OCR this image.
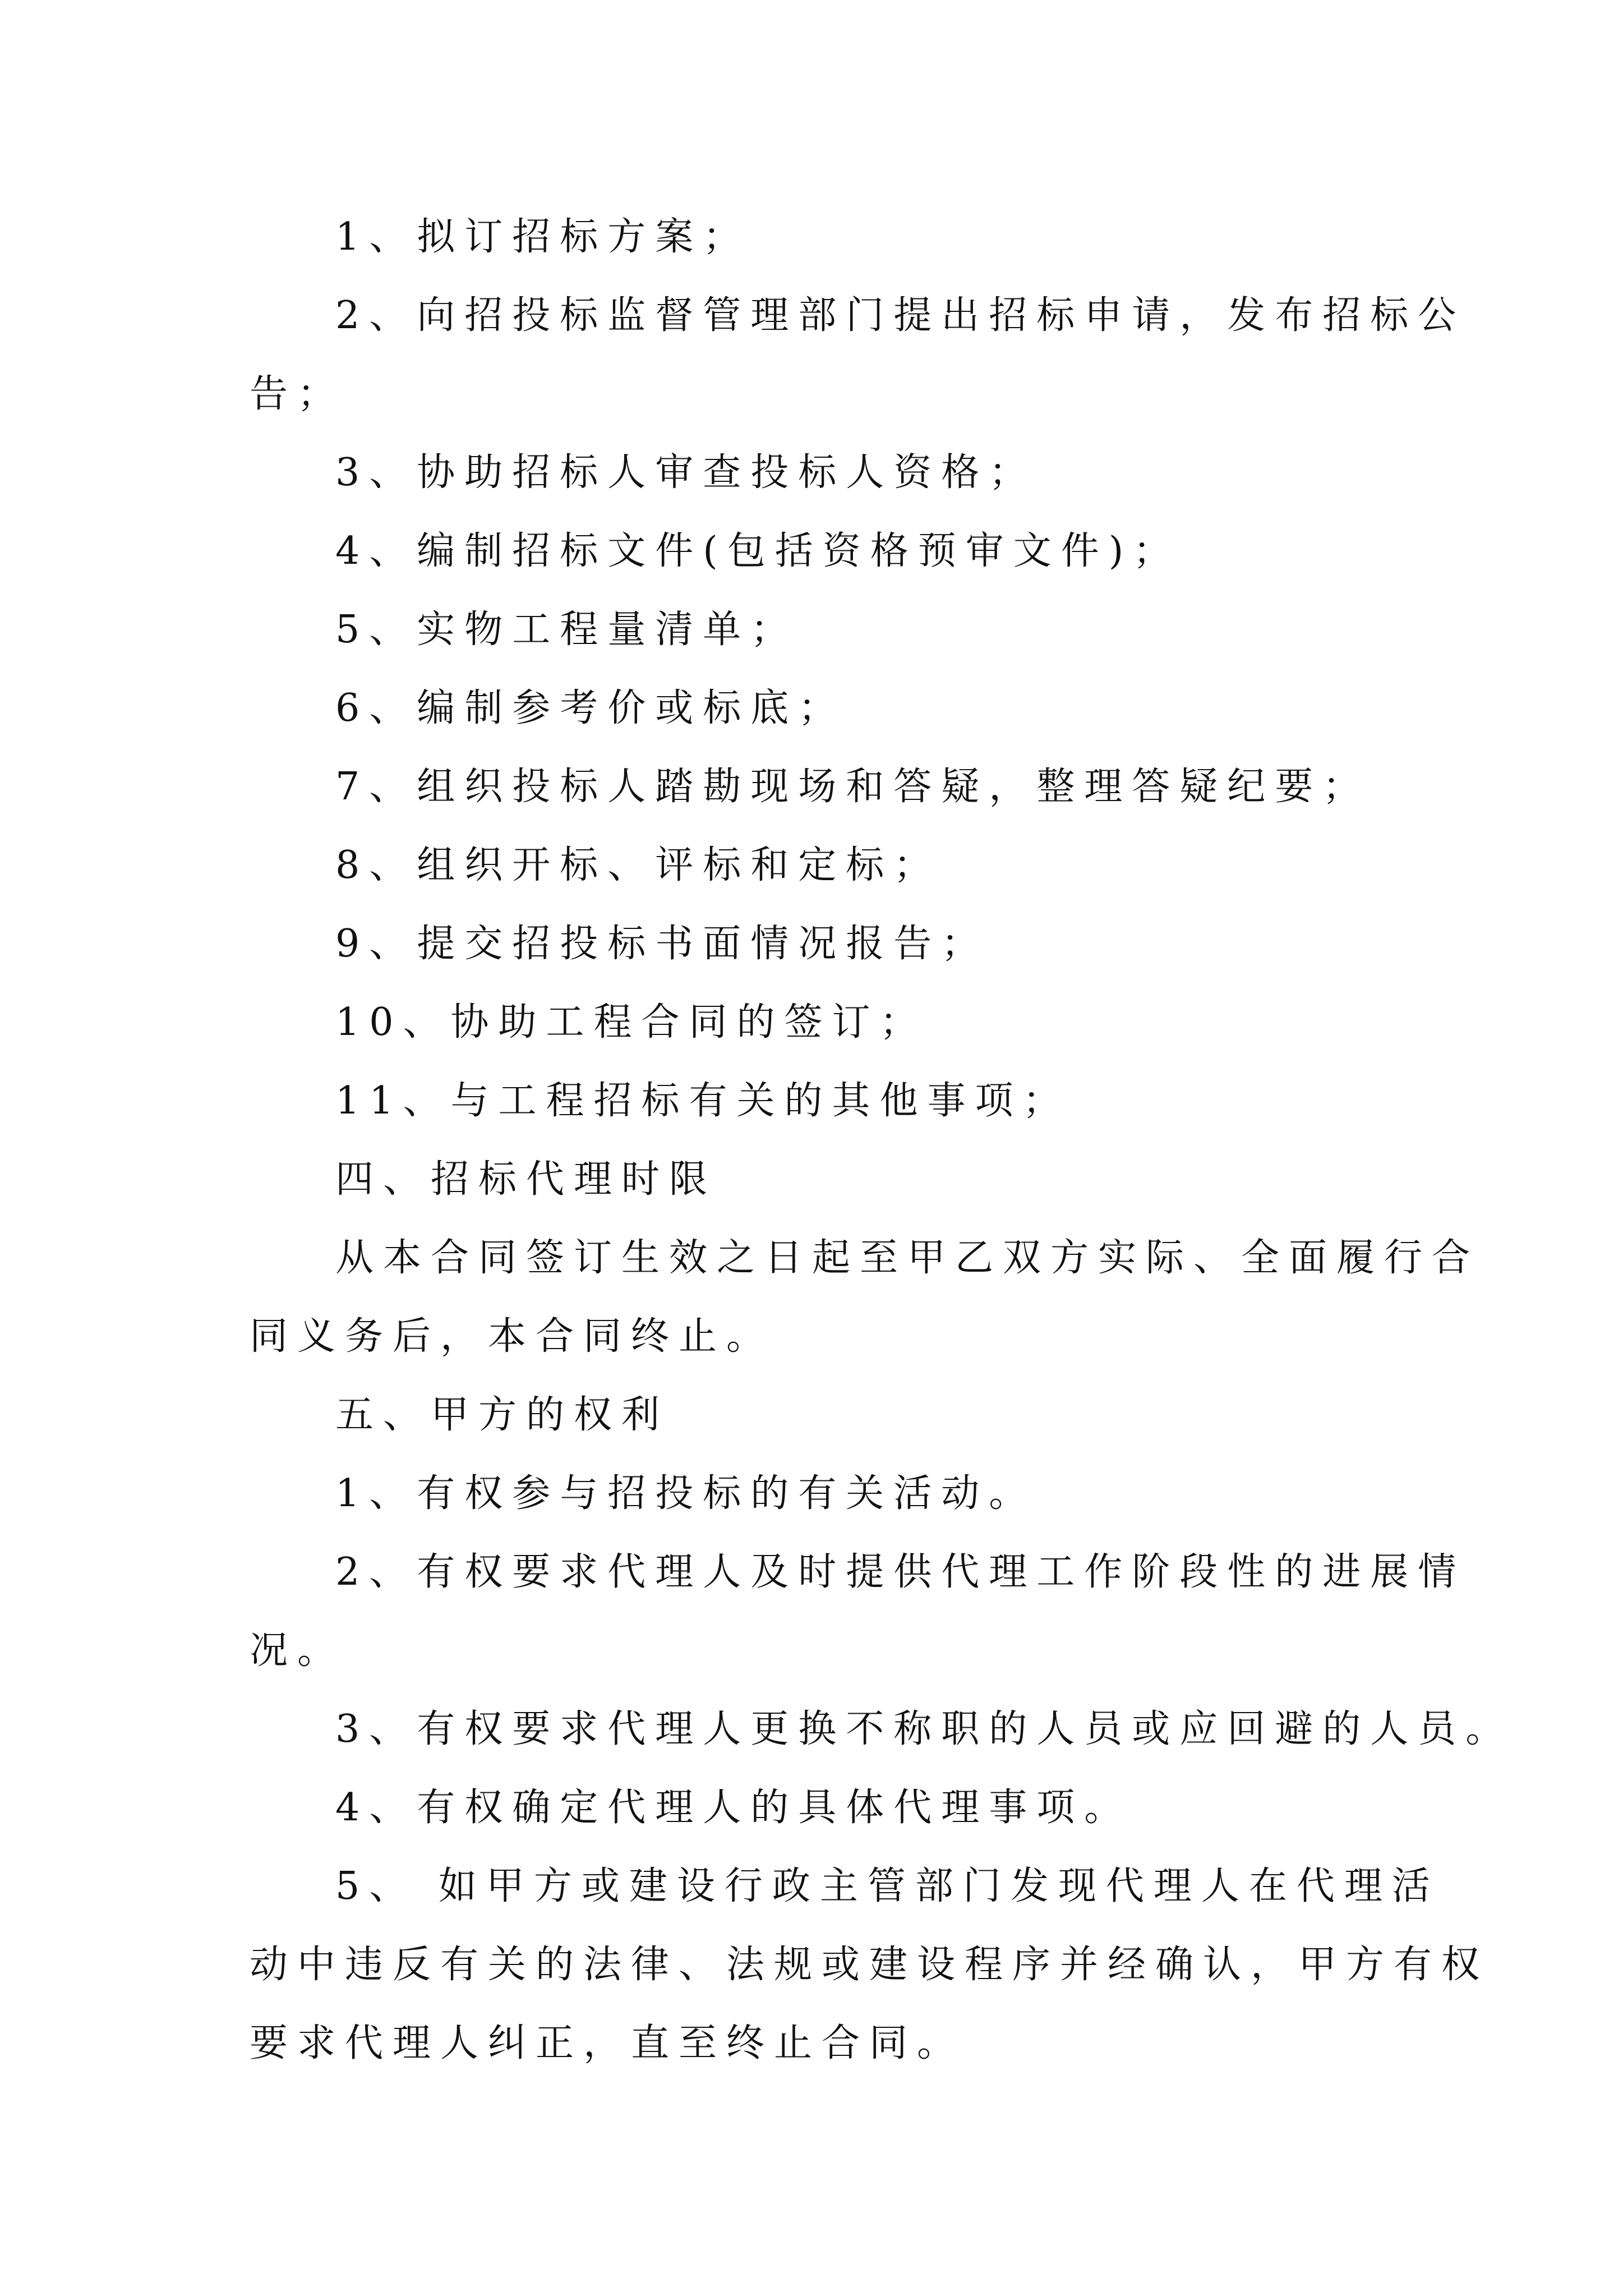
1、拟订招标方案；

2、向招投标监督管理部门提出招标申请，发布招标公

告；

3、协助招标人审查投标人资格；

4、编制招标文件(包括资格预审文件)；

5、实物工程量清单；

6、编制参考价或标底；

7、组织投标人踏勘现场和答疑，整理答疑纪要；

8、组织开标、评标和定标；

9、提交招投标书面情况报告；

10、协助工程合同的签订；

11、与工程招标有关的其他事项；

四、招标代理时限

从本合同签订生效之日起至甲乙双方实际、全面履行合

同义务后，本合同终止。

五、甲方的权利

1、有权参与招投标的有关活动。

2、有权要求代理人及时提供代理工作阶段性的进展情

况。

3、有权要求代理人更换不称职的人员或应回避的人员。

4、有权确定代理人的具体代理事项。

5、 如甲方或建设行政主管部门发现代理人在代理活

动中违反有关的法律、法规或建设程序并经确认，甲方有权

要求代理人纠正，直至终止合同。
